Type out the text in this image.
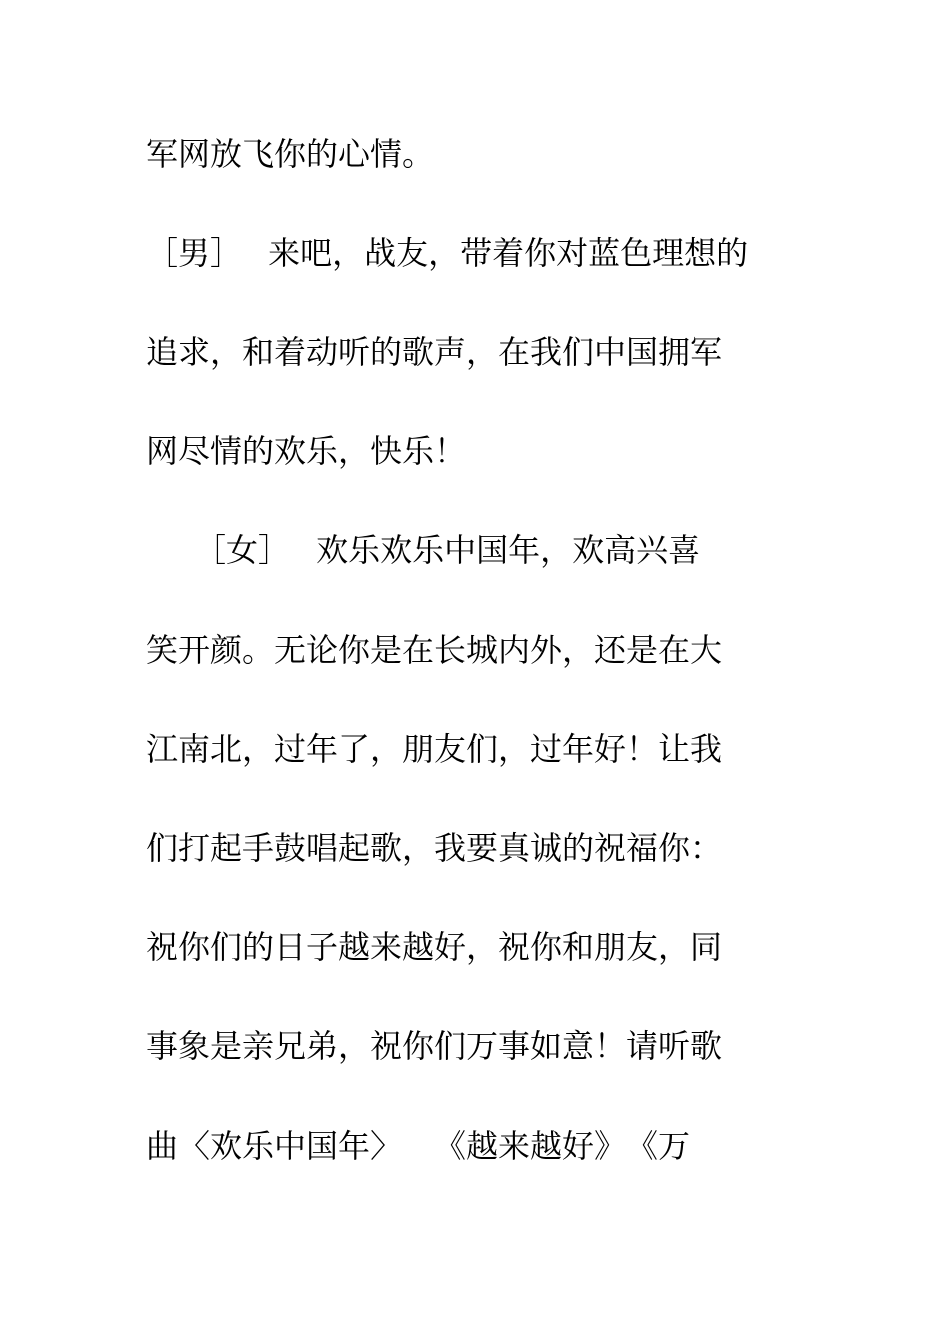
军网放飞你的心情。
［男］　 来吧，战友，带着你对蓝色理想的
追求，和着动听的歌声，在我们中国拥军
网尽情的欢乐，快乐！
　　［女］　 欢乐欢乐中国年，欢高兴喜
笑开颜。无论你是在长城内外，还是在大
江南北，过年了，朋友们，过年好！让我
们打起手鼓唱起歌，我要真诚的祝福你：
祝你们的日子越来越好，祝你和朋友，同
事象是亲兄弟，祝你们万事如意！请听歌
曲〈欢乐中国年〉　　《越来越好》　《万
